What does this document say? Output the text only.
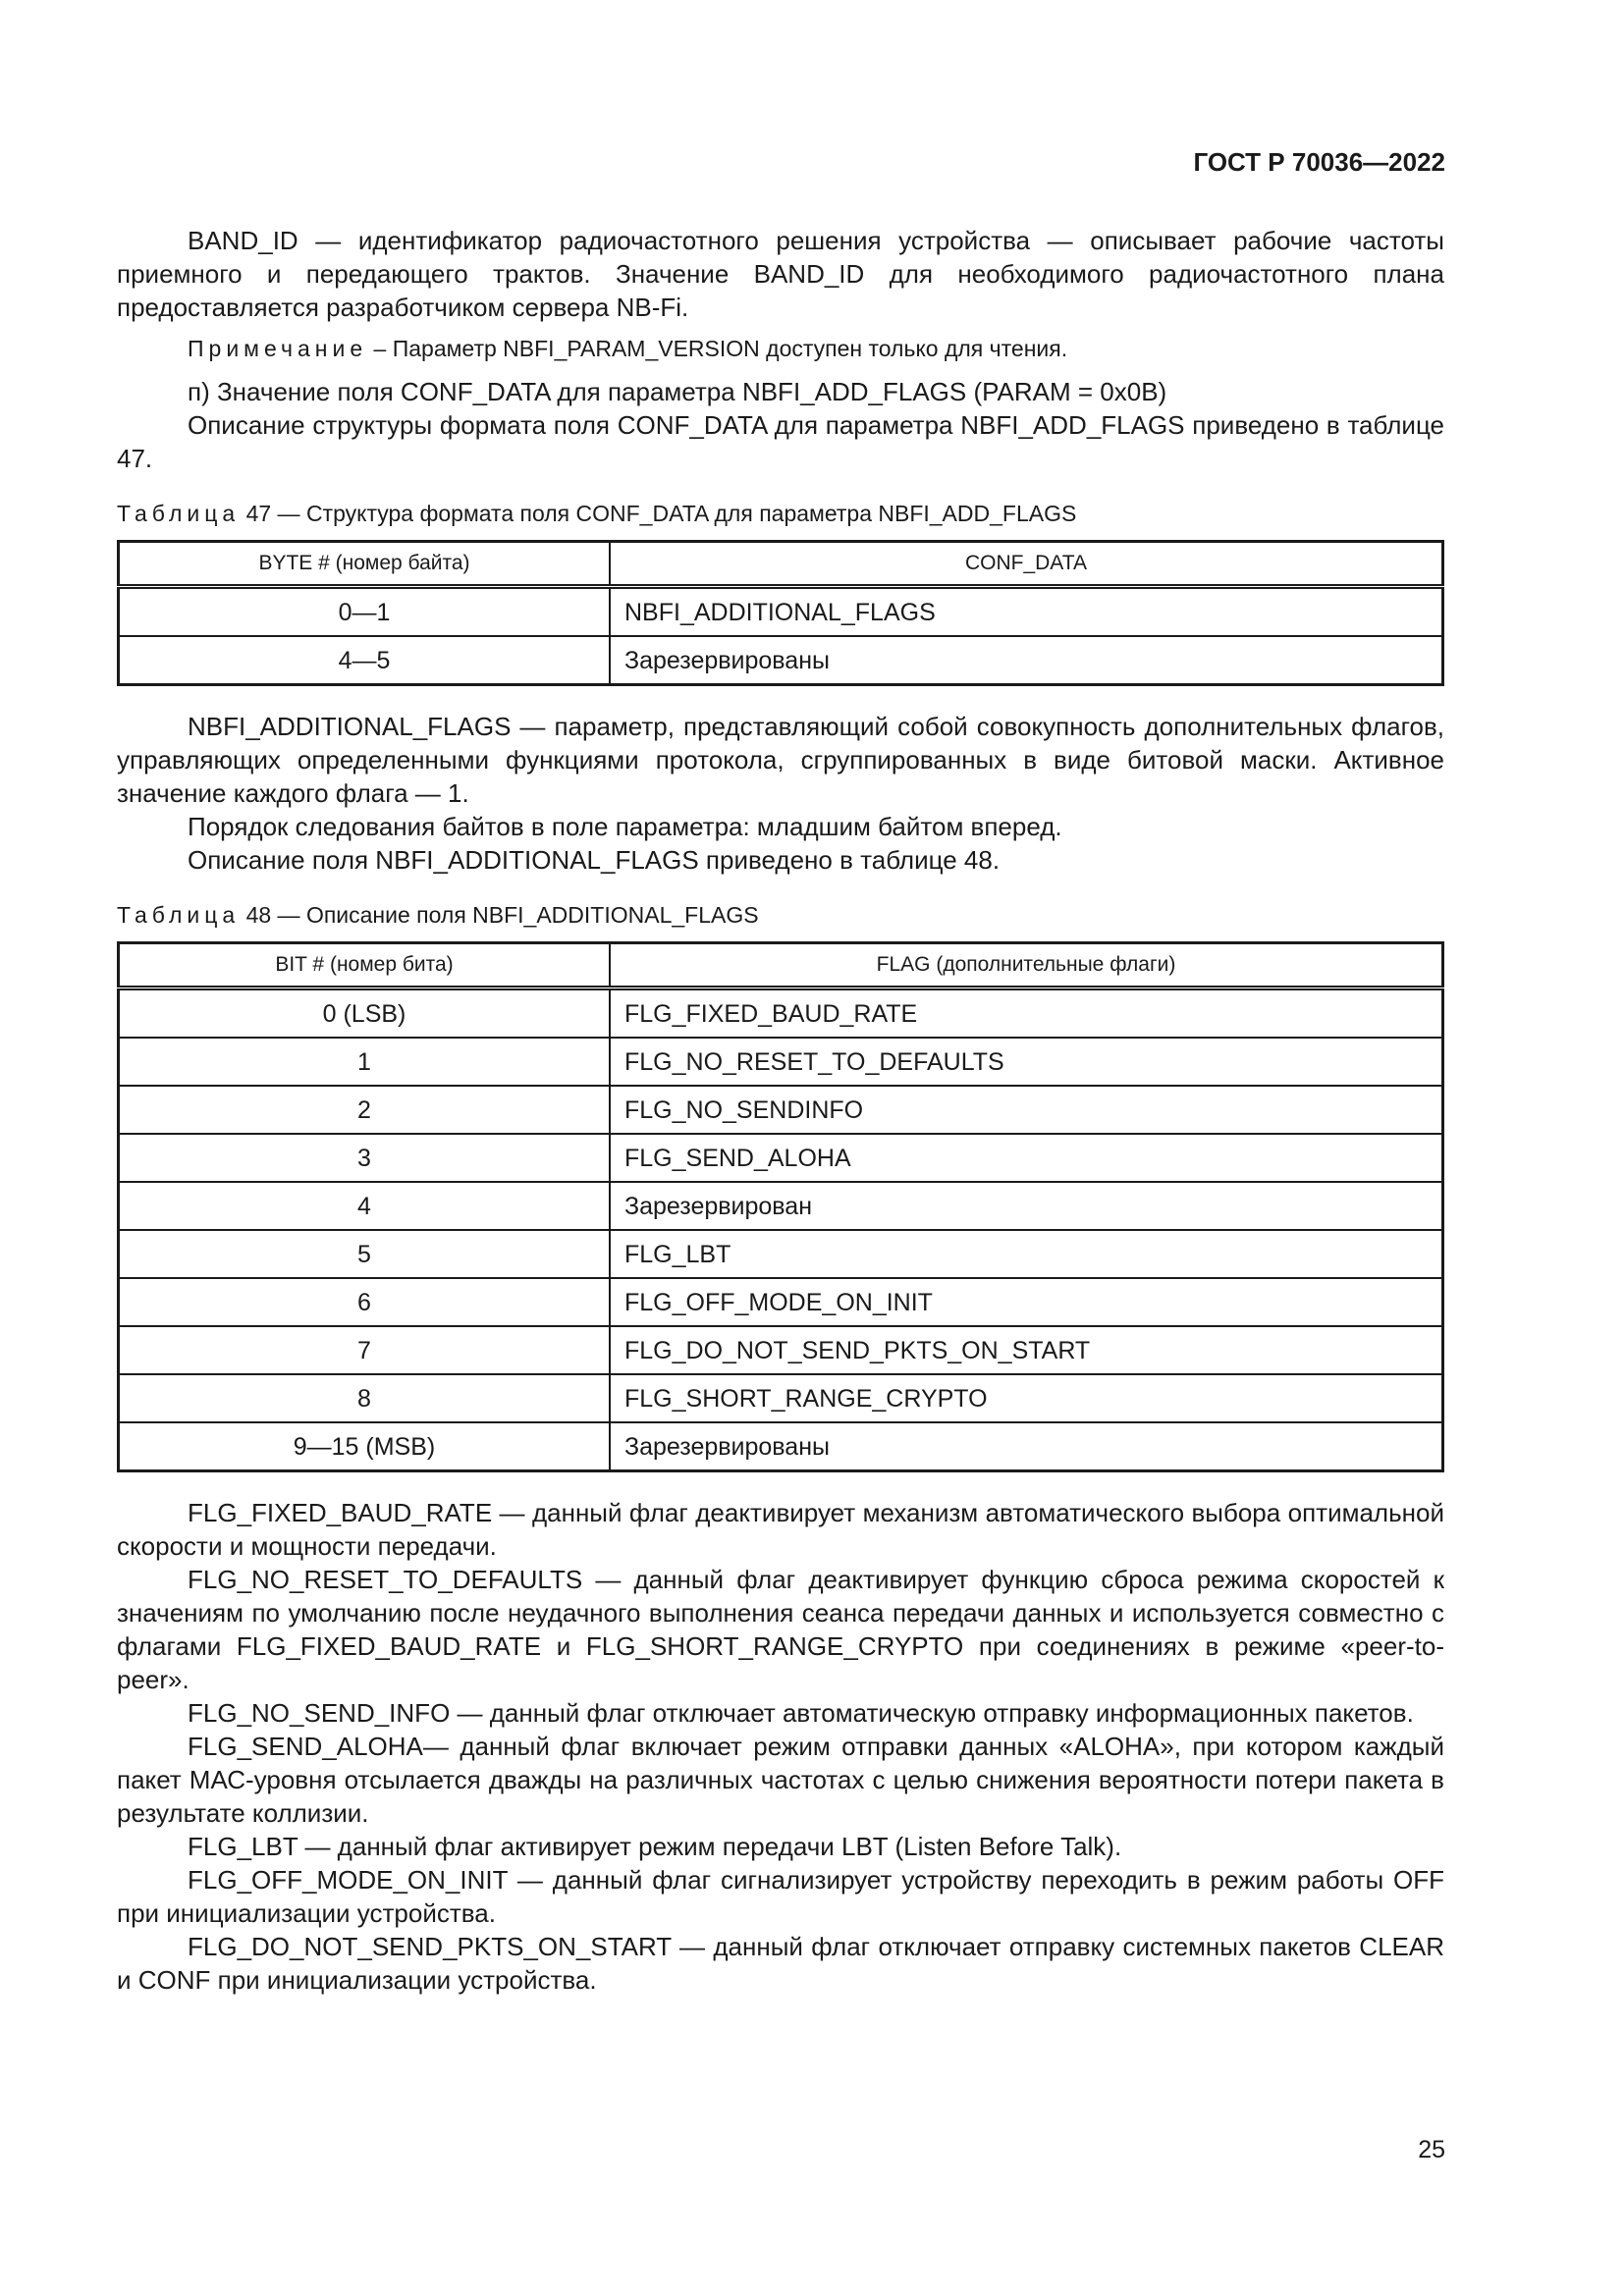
ГОСТ Р 70036—2022

BAND_ID — идентификатор радиочастотного решения устройства — описывает рабочие частоты приемного и передающего трактов. Значение BAND_ID для необходимого радиочастотного плана предоставляется разработчиком сервера NB-Fi.

Примечание – Параметр NBFI_PARAM_VERSION доступен только для чтения.

п) Значение поля CONF_DATA для параметра NBFI_ADD_FLAGS (PARAM = 0x0B)

Описание структуры формата поля CONF_DATA для параметра NBFI_ADD_FLAGS приведено в таблице 47.

Таблица 47 — Структура формата поля CONF_DATA для параметра NBFI_ADD_FLAGS

BYTE # (номер байта)	CONF_DATA
0—1	NBFI_ADDITIONAL_FLAGS
4—5	Зарезервированы

NBFI_ADDITIONAL_FLAGS — параметр, представляющий собой совокупность дополнительных флагов, управляющих определенными функциями протокола, сгруппированных в виде битовой маски. Активное значение каждого флага — 1.

Порядок следования байтов в поле параметра: младшим байтом вперед.

Описание поля NBFI_ADDITIONAL_FLAGS приведено в таблице 48.

Таблица 48 — Описание поля NBFI_ADDITIONAL_FLAGS

BIT # (номер бита)	FLAG (дополнительные флаги)
0 (LSB)	FLG_FIXED_BAUD_RATE
1	FLG_NO_RESET_TO_DEFAULTS
2	FLG_NO_SENDINFO
3	FLG_SEND_ALOHA
4	Зарезервирован
5	FLG_LBT
6	FLG_OFF_MODE_ON_INIT
7	FLG_DO_NOT_SEND_PKTS_ON_START
8	FLG_SHORT_RANGE_CRYPTO
9—15 (MSB)	Зарезервированы

FLG_FIXED_BAUD_RATE — данный флаг деактивирует механизм автоматического выбора оптимальной скорости и мощности передачи.

FLG_NO_RESET_TO_DEFAULTS — данный флаг деактивирует функцию сброса режима скоростей к значениям по умолчанию после неудачного выполнения сеанса передачи данных и используется совместно с флагами FLG_FIXED_BAUD_RATE и FLG_SHORT_RANGE_CRYPTO при соединениях в режиме «peer-to-peer».

FLG_NO_SEND_INFO — данный флаг отключает автоматическую отправку информационных пакетов.

FLG_SEND_ALOHA— данный флаг включает режим отправки данных «ALOHA», при котором каждый пакет МАС-уровня отсылается дважды на различных частотах с целью снижения вероятности потери пакета в результате коллизии.

FLG_LBT — данный флаг активирует режим передачи LBT (Listen Before Talk).

FLG_OFF_MODE_ON_INIT — данный флаг сигнализирует устройству переходить в режим работы OFF при инициализации устройства.

FLG_DO_NOT_SEND_PKTS_ON_START — данный флаг отключает отправку системных пакетов CLEAR и CONF при инициализации устройства.

25
